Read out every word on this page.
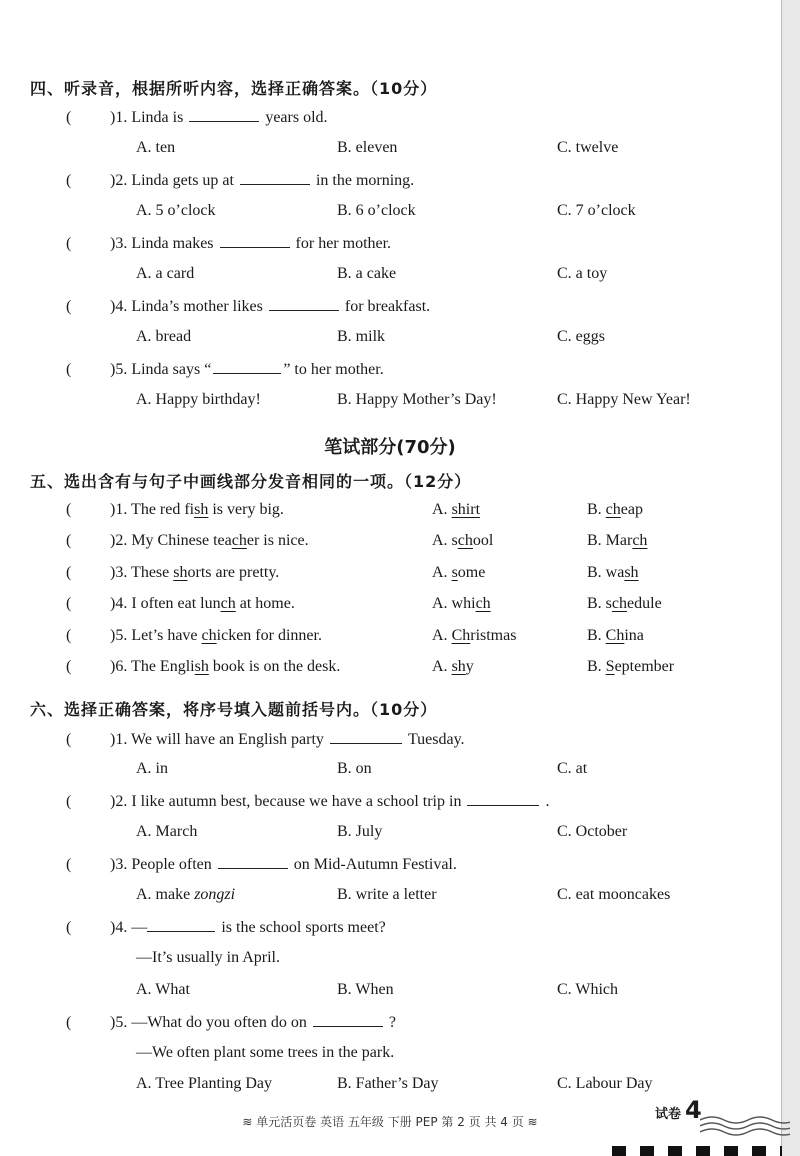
四、听录音，根据所听内容，选择正确答案。（10分）
( )1. Linda is	years old.
A. ten	B. eleven	C. twelve
( )2. Linda gets up at	in the morning.
A. 5 o’clock	B. 6 o’clock	C. 7 o’clock
( )3. Linda makes	for her mother.
A. a card	B. a cake	C. a toy
( )4. Linda’s mother likes	for breakfast.
A. bread	B. milk	C. eggs
( )5. Linda says “	” to her mother.
A. Happy birthday!	B. Happy Mother’s Day!	C. Happy New Year!
笔试部分(70分)
五、选出含有与句子中画线部分发音相同的一项。（12分）
( )1. The red fish is very big.	A. shirt	B. cheap
( )2. My Chinese teacher is nice.	A. school	B. March
( )3. These shorts are pretty.	A. some	B. wash
( )4. I often eat lunch at home.	A. which	B. schedule
( )5. Let’s have chicken for dinner.	A. Christmas	B. China
( )6. The English book is on the desk.	A. shy	B. September
六、选择正确答案，将序号填入题前括号内。（10分）
( )1. We will have an English party	Tuesday.
A. in	B. on	C. at
( )2. I like autumn best, because we have a school trip in	.
A. March	B. July	C. October
( )3. People often	on Mid-Autumn Festival.
A. make zongzi	B. write a letter	C. eat mooncakes
( )4. —	is the school sports meet?
—It’s usually in April.
A. What	B. When	C. Which
( )5. —What do you often do on	?
—We often plant some trees in the park.
A. Tree Planting Day	B. Father’s Day	C. Labour Day
≋ 单元活页卷 英语 五年级 下册 PEP 第 2 页 共 4 页 ≋	试卷 4
